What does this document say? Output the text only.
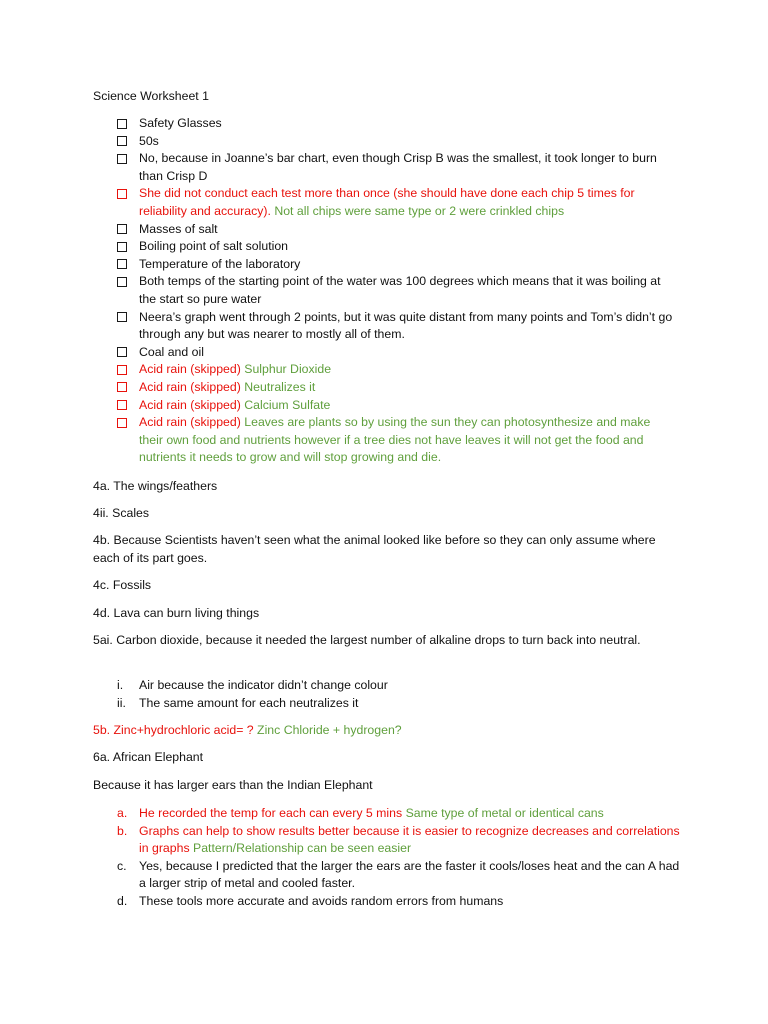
Science Worksheet 1
Safety Glasses
50s
No, because in Joanne’s bar chart, even though Crisp B was the smallest, it took longer to burn than Crisp D
She did not conduct each test more than once (she should have done each chip 5 times for reliability and accuracy). Not all chips were same type or 2 were crinkled chips
Masses of salt
Boiling point of salt solution
Temperature of the laboratory
Both temps of the starting point of the water was 100 degrees which means that it was boiling at the start so pure water
Neera’s graph went through 2 points, but it was quite distant from many points and Tom’s didn’t go through any but was nearer to mostly all of them.
Coal and oil
Acid rain (skipped) Sulphur Dioxide
Acid rain (skipped) Neutralizes it
Acid rain (skipped) Calcium Sulfate
Acid rain (skipped) Leaves are plants so by using the sun they can photosynthesize and make their own food and nutrients however if a tree dies not have leaves it will not get the food and nutrients it needs to grow and will stop growing and die.

4a. The wings/feathers

4ii. Scales

4b. Because Scientists haven’t seen what the animal looked like before so they can only assume where each of its part goes.

4c. Fossils

4d. Lava can burn living things

5ai. Carbon dioxide, because it needed the largest number of alkaline drops to turn back into neutral.

i. Air because the indicator didn’t change colour
ii. The same amount for each neutralizes it

5b. Zinc+hydrochloric acid= ? Zinc Chloride + hydrogen?

6a. African Elephant

Because it has larger ears than the Indian Elephant

a. He recorded the temp for each can every 5 mins Same type of metal or identical cans
b. Graphs can help to show results better because it is easier to recognize decreases and correlations in graphs Pattern/Relationship can be seen easier
c. Yes, because I predicted that the larger the ears are the faster it cools/loses heat and the can A had a larger strip of metal and cooled faster.
d. These tools more accurate and avoids random errors from humans
